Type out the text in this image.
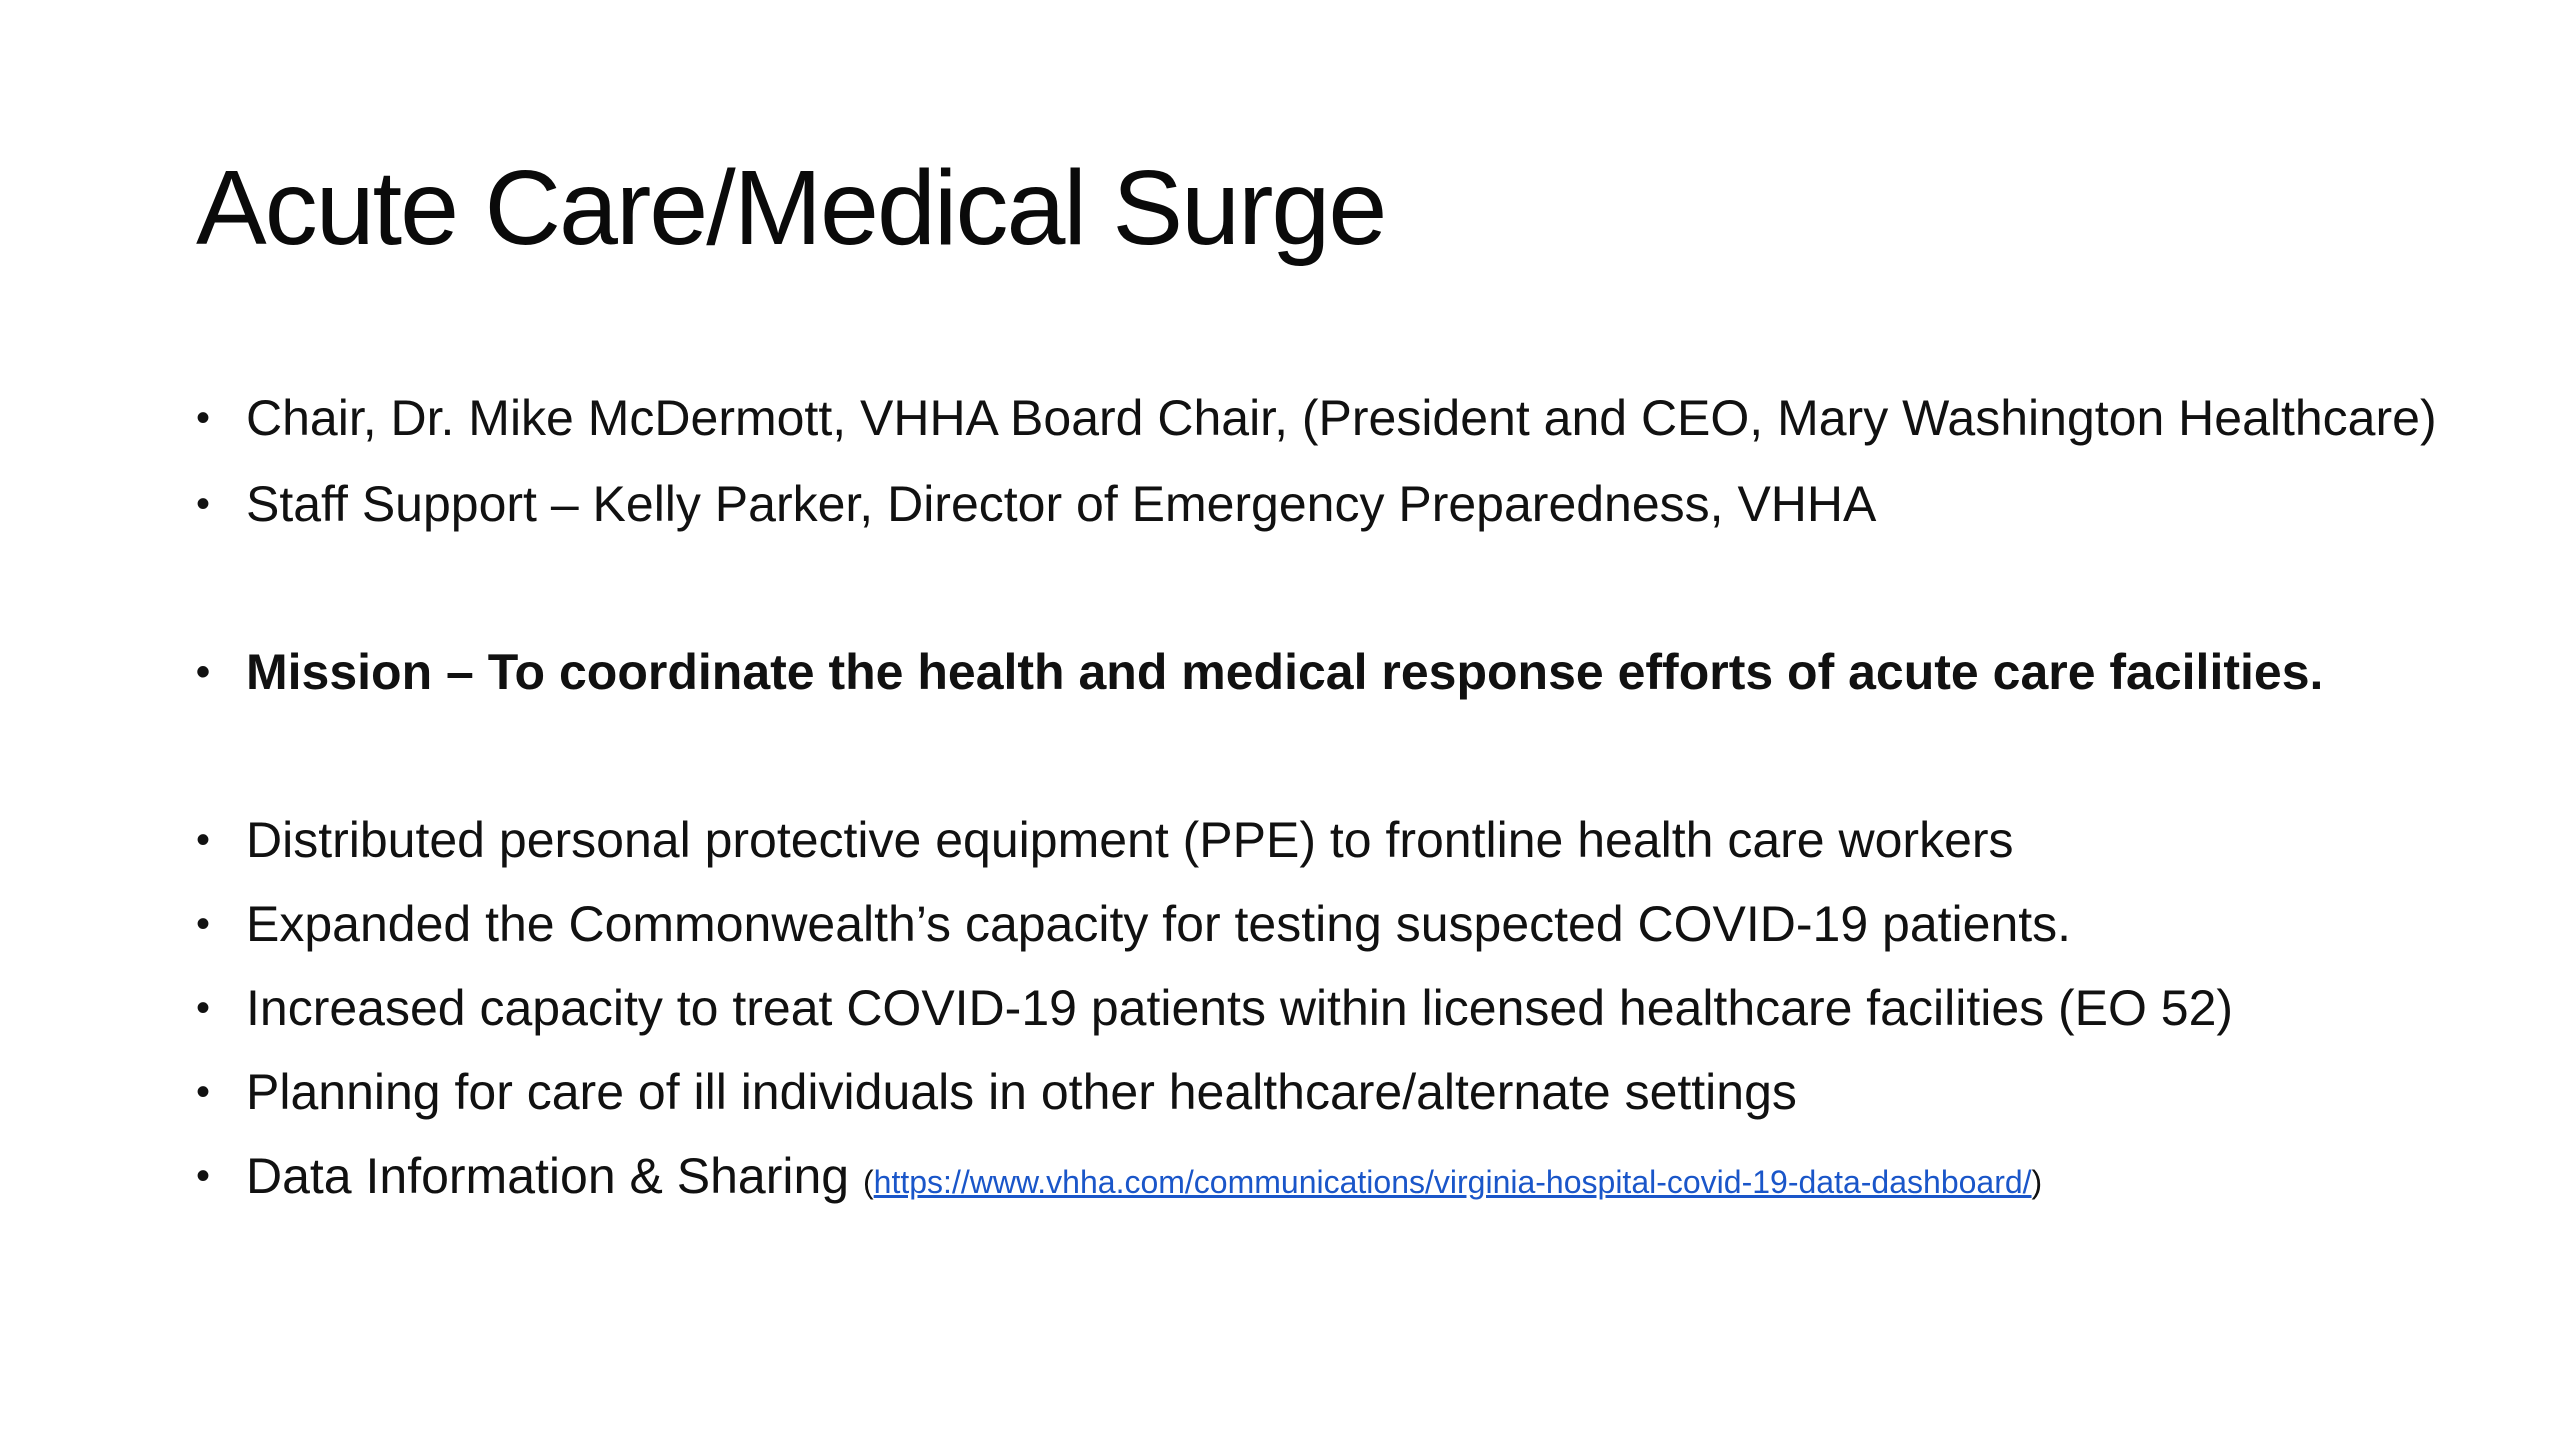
Acute Care/Medical Surge
• Chair, Dr. Mike McDermott, VHHA Board Chair, (President and CEO, Mary Washington Healthcare)
• Staff Support – Kelly Parker, Director of Emergency Preparedness, VHHA
• Mission – To coordinate the health and medical response efforts of acute care facilities.
• Distributed personal protective equipment (PPE) to frontline health care workers
• Expanded the Commonwealth’s capacity for testing suspected COVID-19 patients.
• Increased capacity to treat COVID-19 patients within licensed healthcare facilities (EO 52)
• Planning for care of ill individuals in other healthcare/alternate settings
• Data Information & Sharing (https://www.vhha.com/communications/virginia-hospital-covid-19-data-dashboard/)
